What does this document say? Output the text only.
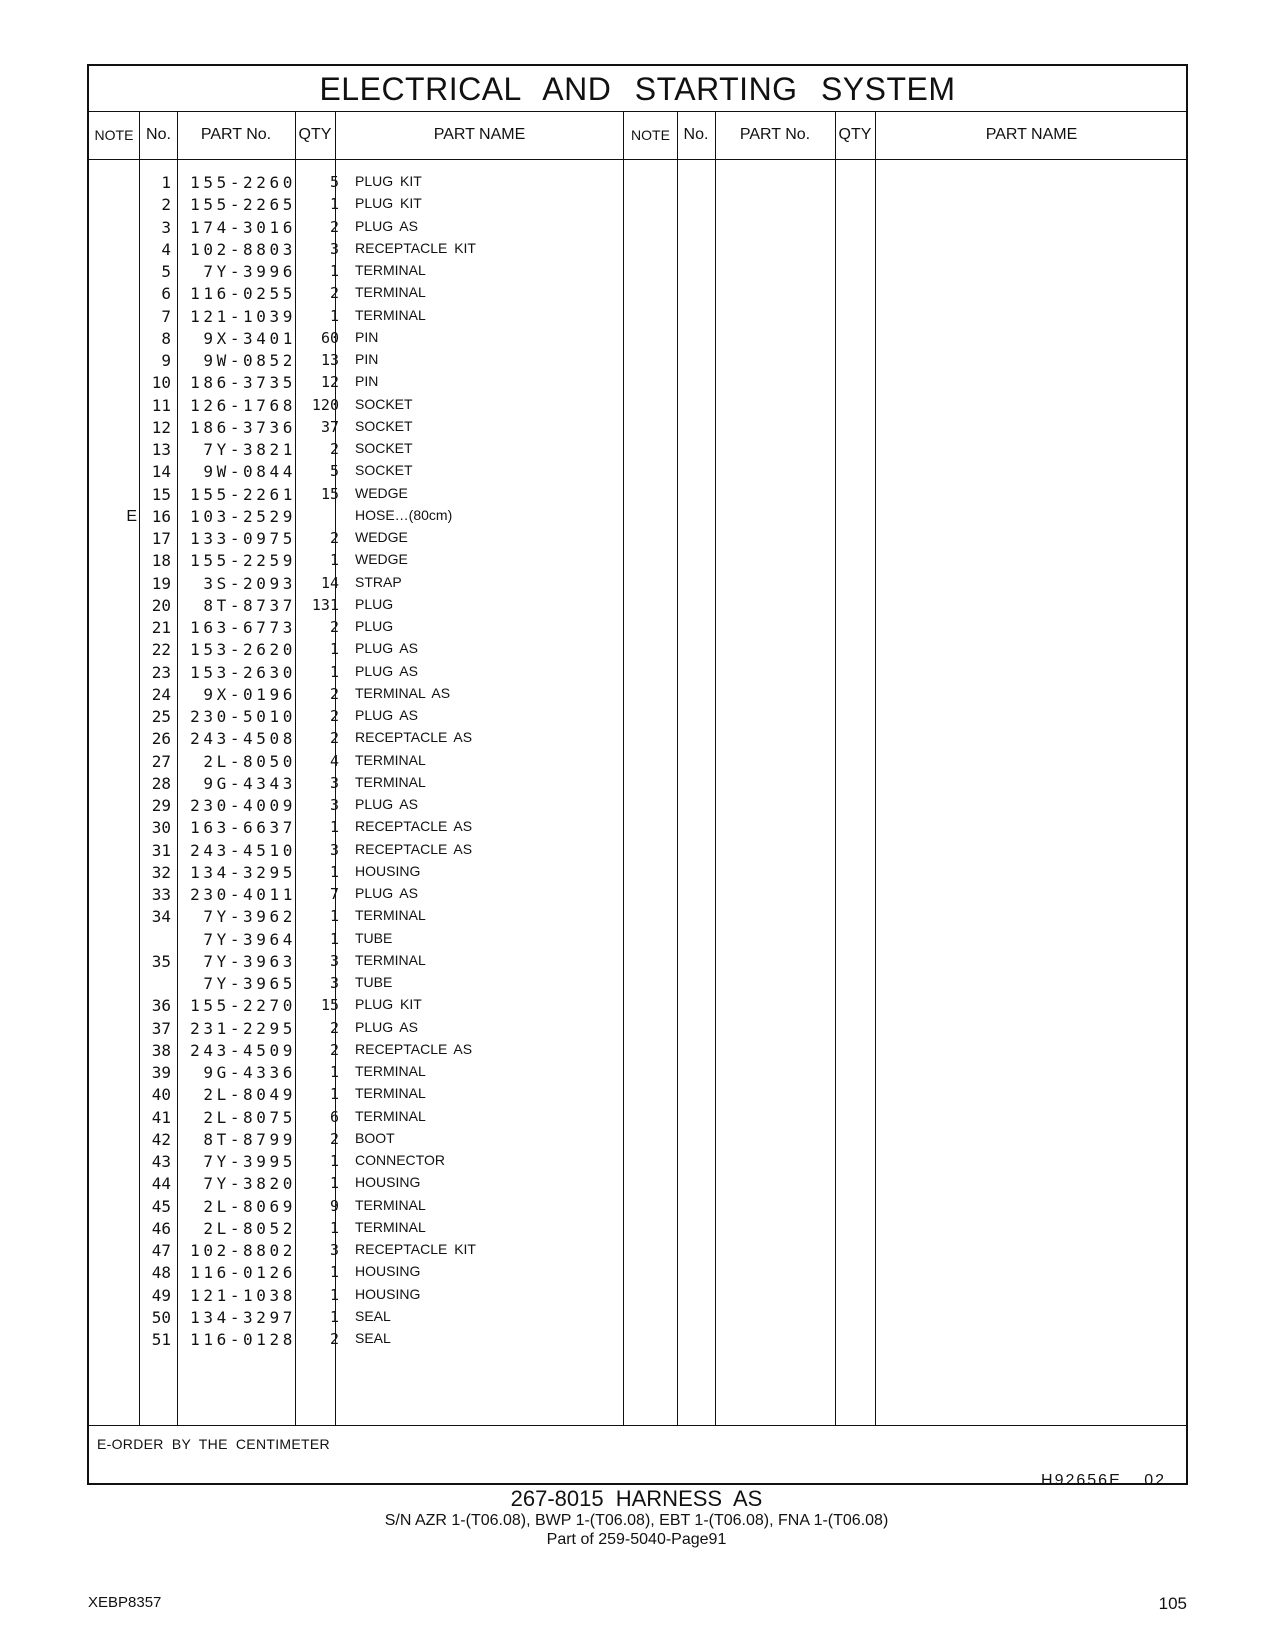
ELECTRICAL AND STARTING SYSTEM
NOTE No.	PART No.	QTY	PART NAME	NOTE No.	PART No.	QTY	PART NAME
1	155-2260	5 PLUG KIT
2	155-2265	1 PLUG KIT
3	174-3016	2 PLUG AS
4	102-8803	3 RECEPTACLE KIT
5	7Y-3996	1 TERMINAL
6	116-0255	2 TERMINAL
7	121-1039	1 TERMINAL
8	9X-3401	60 PIN
9	9W-0852	13 PIN
10	186-3735	12 PIN
11	126-1768	120 SOCKET
12	186-3736	37 SOCKET
13	7Y-3821	2 SOCKET
14	9W-0844	5 SOCKET
15	155-2261	15 WEDGE
E 16	103-2529	HOSE…(80cm)
17	133-0975	2 WEDGE
18	155-2259	1 WEDGE
19	3S-2093	14 STRAP
20	8T-8737	131 PLUG
21	163-6773	2 PLUG
22	153-2620	1 PLUG AS
23	153-2630	1 PLUG AS
24	9X-0196	2 TERMINAL AS
25	230-5010	2 PLUG AS
26	243-4508	2 RECEPTACLE AS
27	2L-8050	4 TERMINAL
28	9G-4343	3 TERMINAL
29	230-4009	3 PLUG AS
30	163-6637	1 RECEPTACLE AS
31	243-4510	3 RECEPTACLE AS
32	134-3295	1 HOUSING
33	230-4011	7 PLUG AS
34	7Y-3962	1 TERMINAL
7Y-3964	1 TUBE
35	7Y-3963	3 TERMINAL
7Y-3965	3 TUBE
36	155-2270	15 PLUG KIT
37	231-2295	2 PLUG AS
38	243-4509	2 RECEPTACLE AS
39	9G-4336	1 TERMINAL
40	2L-8049	1 TERMINAL
41	2L-8075	6 TERMINAL
42	8T-8799	2 BOOT
43	7Y-3995	1 CONNECTOR
44	7Y-3820	1 HOUSING
45	2L-8069	9 TERMINAL
46	2L-8052	1 TERMINAL
47	102-8802	3 RECEPTACLE KIT
48	116-0126	1 HOUSING
49	121-1038	1 HOUSING
50	134-3297	1 SEAL
51	116-0128	2 SEAL
E-ORDER BY THE CENTIMETER
H92656E 02
267-8015 HARNESS AS
S/N AZR 1-(T06.08), BWP 1-(T06.08), EBT 1-(T06.08), FNA 1-(T06.08)
Part of 259-5040-Page91
XEBP8357	105
